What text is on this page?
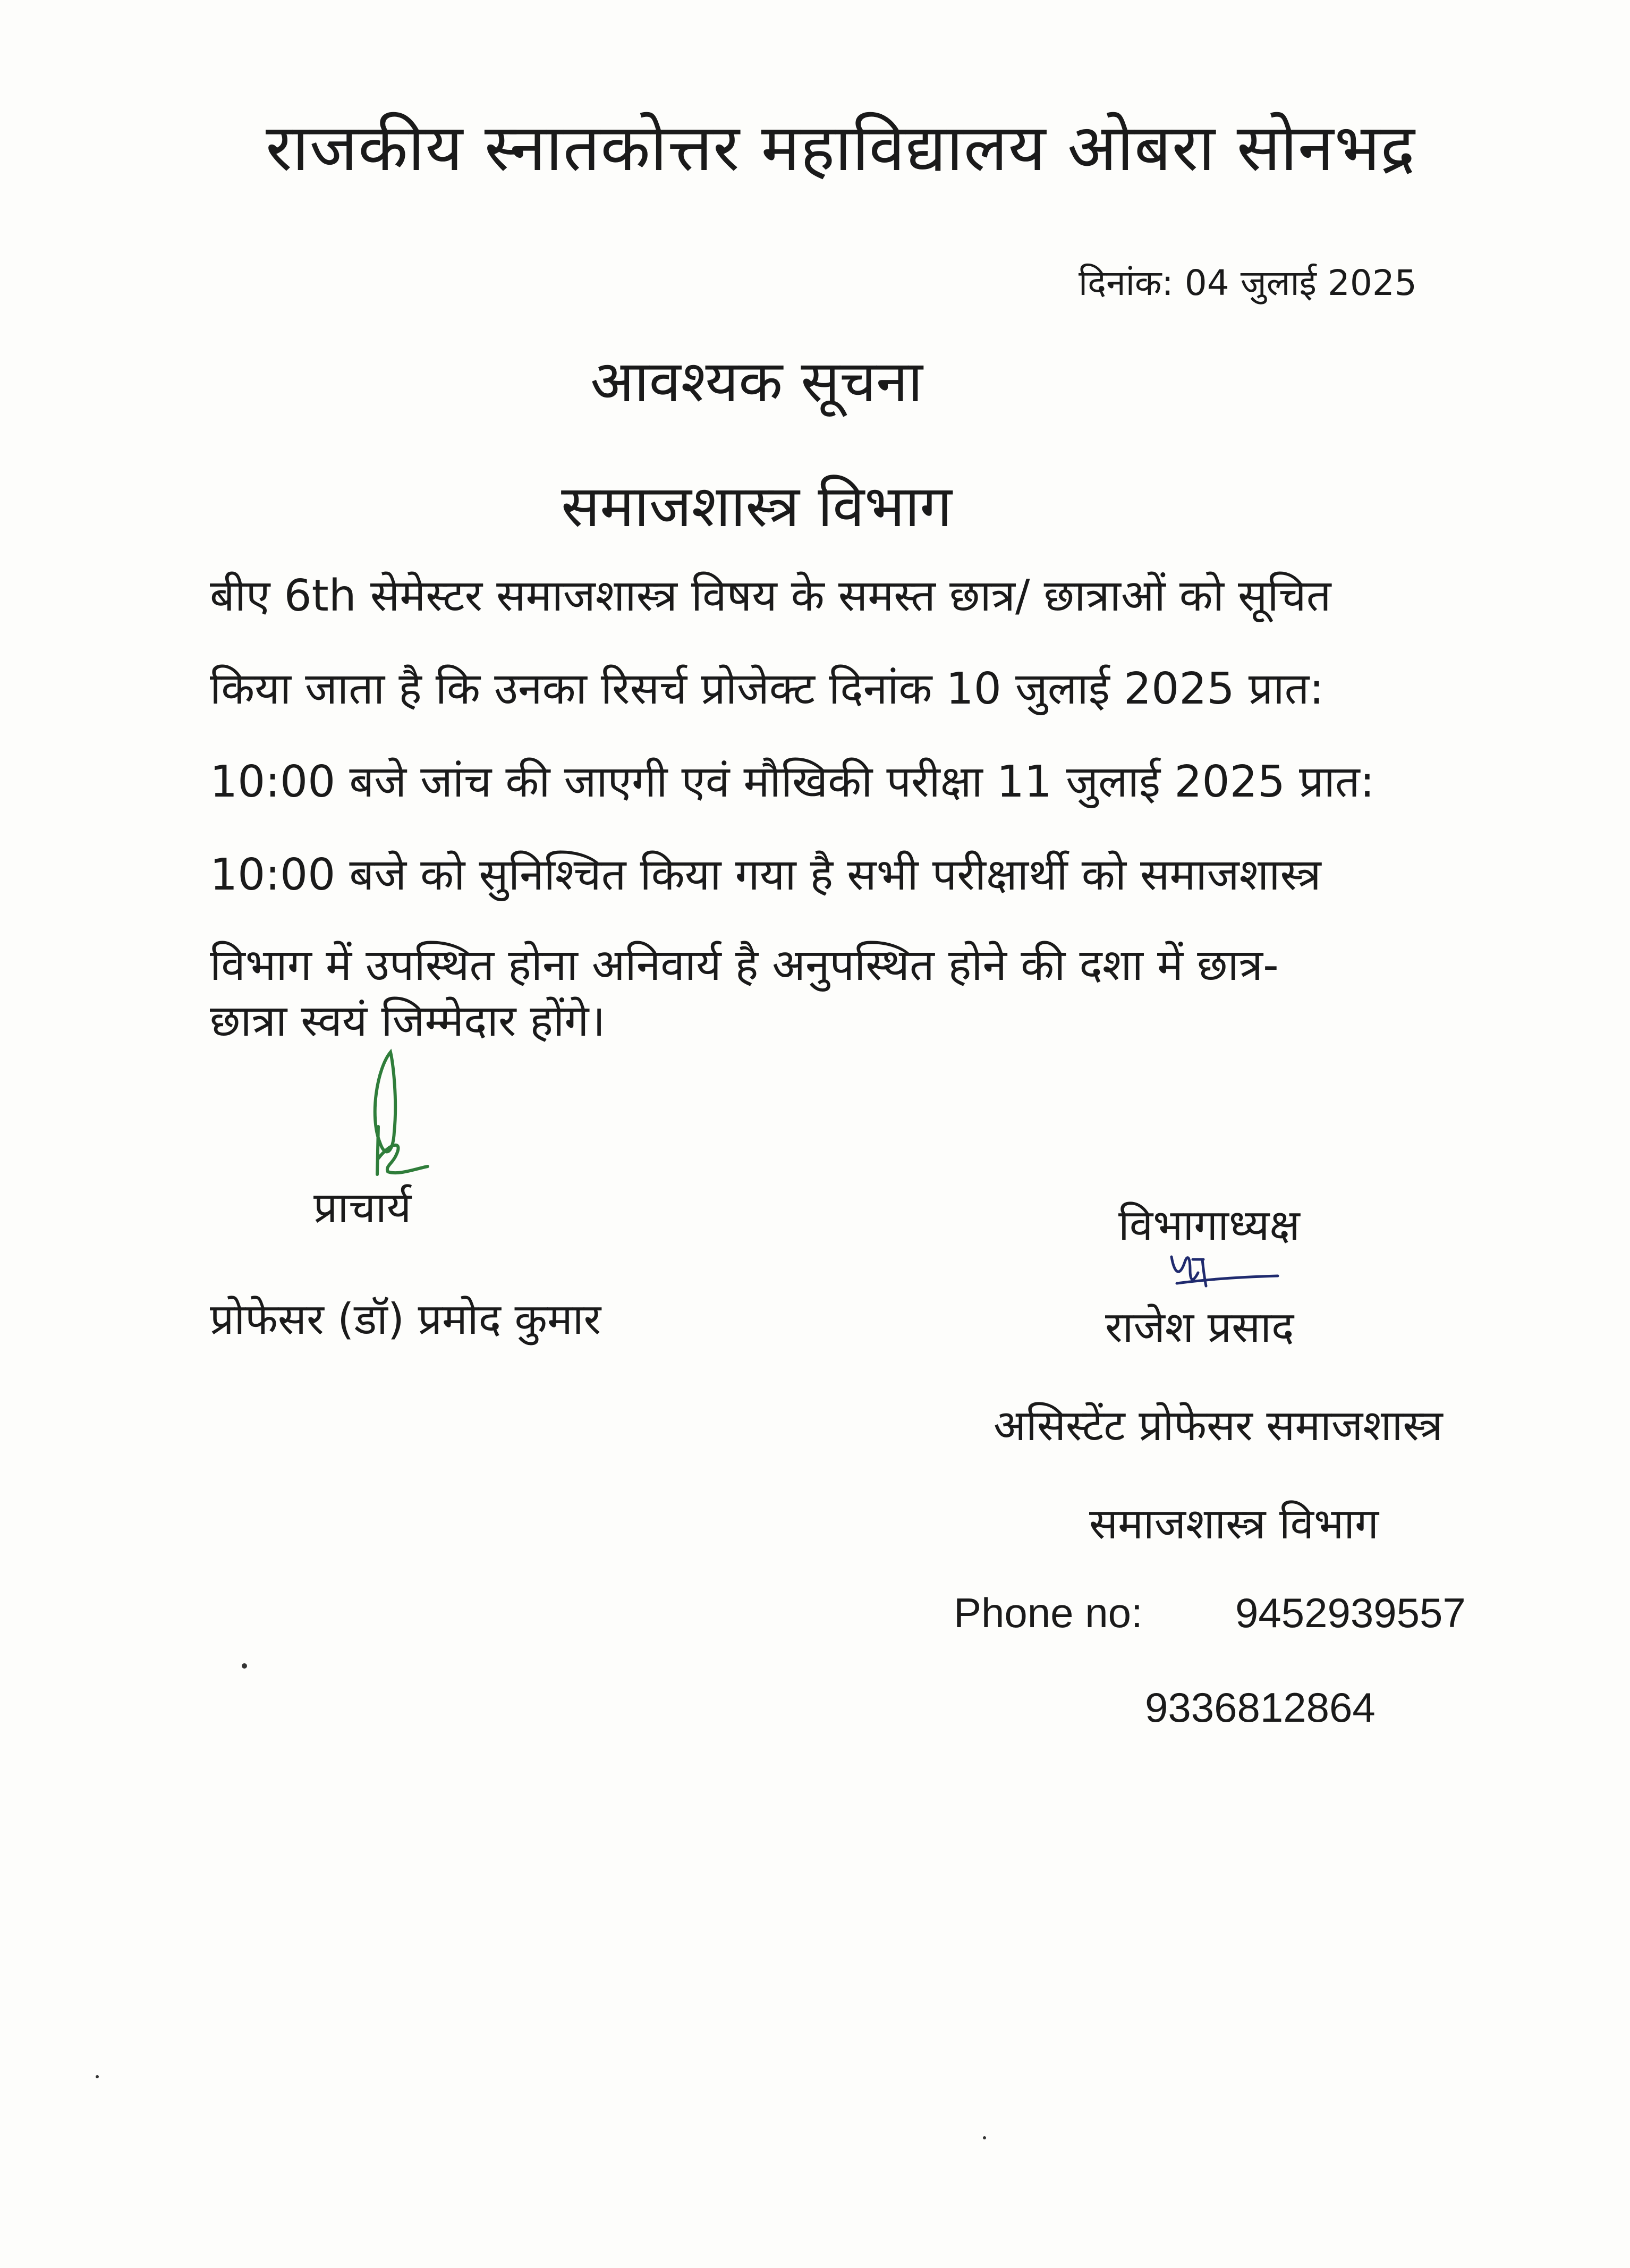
राजकीय स्नातकोत्तर महाविद्यालय ओबरा सोनभद्र
दिनांक: 04 जुलाई 2025
आवश्यक सूचना
समाजशास्त्र विभाग
बीए 6th सेमेस्टर समाजशास्त्र विषय के समस्त छात्र/ छात्राओं को सूचित
किया जाता है कि उनका रिसर्च प्रोजेक्ट दिनांक 10 जुलाई 2025 प्रात:
10:00 बजे जांच की जाएगी एवं मौखिकी परीक्षा 11 जुलाई 2025 प्रात:
10:00 बजे को सुनिश्चित किया गया है सभी परीक्षार्थी को समाजशास्त्र
विभाग में उपस्थित होना अनिवार्य है अनुपस्थित होने की दशा में छात्र-
छात्रा स्वयं जिम्मेदार होंगे।
प्राचार्य
प्रोफेसर (डॉ) प्रमोद कुमार
विभागाध्यक्ष
राजेश प्रसाद
असिस्टेंट प्रोफेसर समाजशास्त्र
समाजशास्त्र विभाग
Phone no: 9452939557
9336812864
